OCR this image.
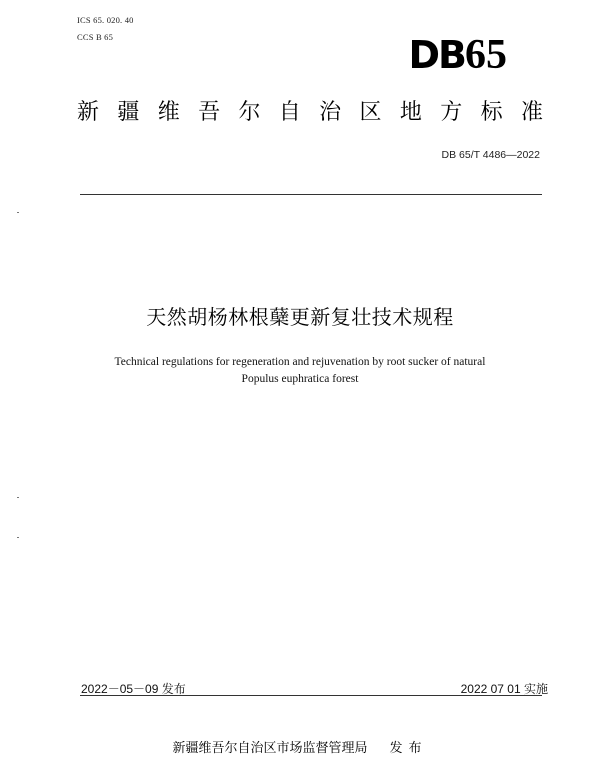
ICS 65. 020. 40
CCS B 65	DB65
新 疆 维 吾 尔 自 治 区 地 方 标 准
DB 65/T 4486—2022
天然胡杨林根蘖更新复壮技术规程
Technical regulations for regeneration and rejuvenation by root sucker of natural
Populus euphratica forest
2022－05－09 发布	2022 07 01 实施
新疆维吾尔自治区市场监督管理局 发布
